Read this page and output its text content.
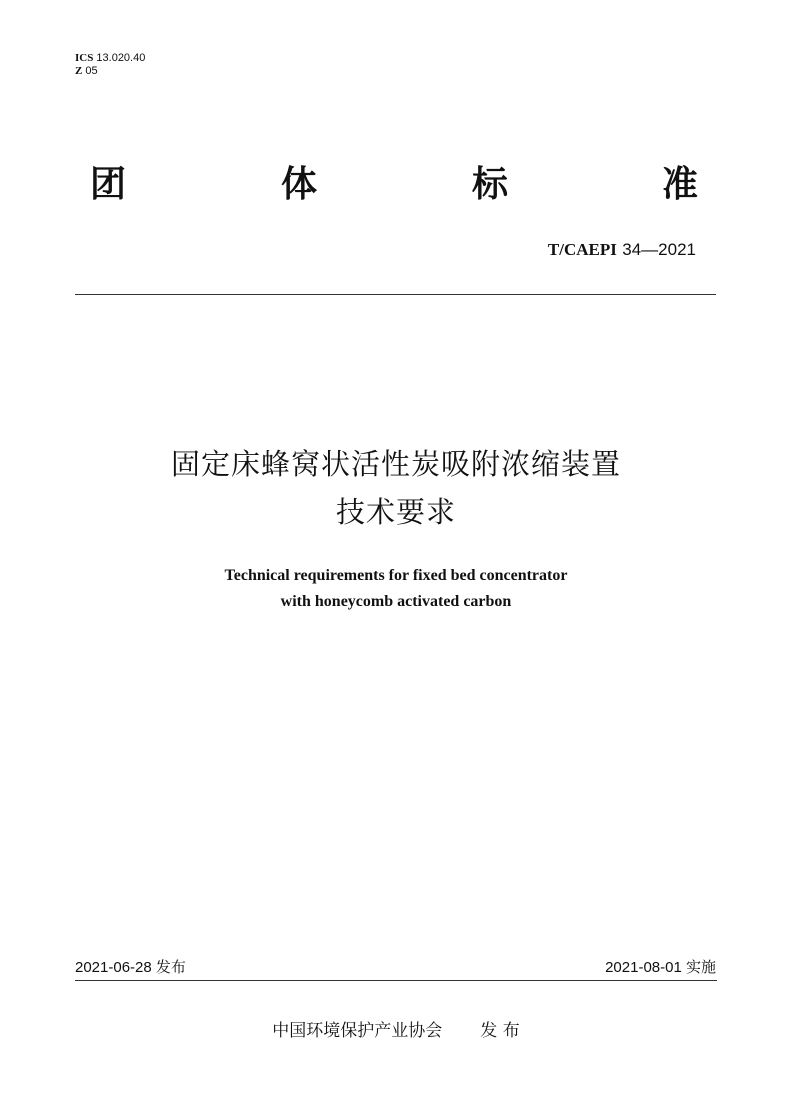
ICS 13.020.40
Z 05
团	体	标	准
T/CAEPI 34—2021
固定床蜂窝状活性炭吸附浓缩装置
技术要求
Technical requirements for fixed bed concentrator
with honeycomb activated carbon
2021-06-28 发布	2021-08-01 实施
中国环境保护产业协会 发 布
